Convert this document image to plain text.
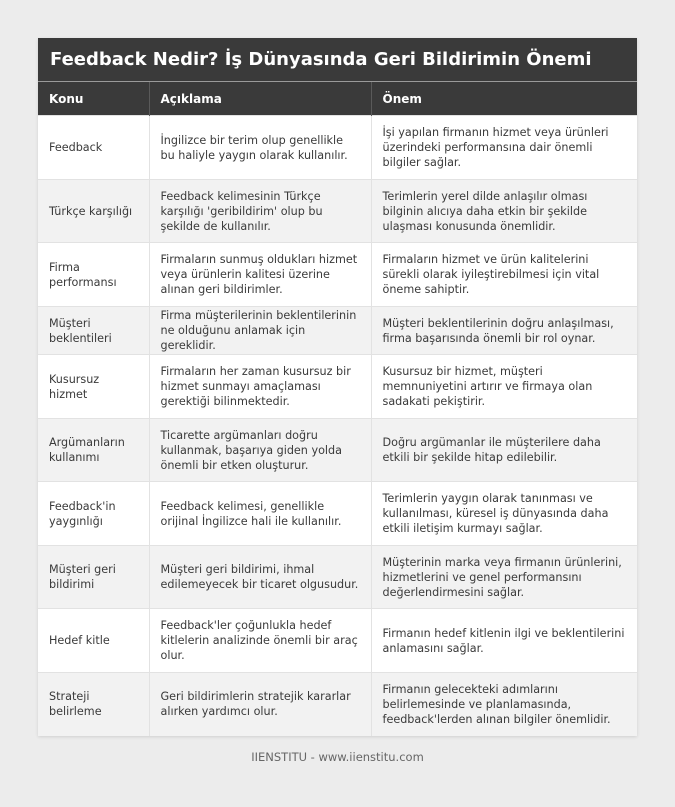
Feedback Nedir? İş Dünyasında Geri Bildirimin Önemi
Konu	Açıklama	Önem
Feedback	İngilizce bir terim olup genellikle bu haliyle yaygın olarak kullanılır.	İşi yapılan firmanın hizmet veya ürünleri üzerindeki performansına dair önemli bilgiler sağlar.
Türkçe karşılığı	Feedback kelimesinin Türkçe karşılığı 'geribildirim' olup bu şekilde de kullanılır.	Terimlerin yerel dilde anlaşılır olması bilginin alıcıya daha etkin bir şekilde ulaşması konusunda önemlidir.
Firma performansı	Firmaların sunmuş oldukları hizmet veya ürünlerin kalitesi üzerine alınan geri bildirimler.	Firmaların hizmet ve ürün kalitelerini sürekli olarak iyileştirebilmesi için vital öneme sahiptir.
Müşteri beklentileri	Firma müşterilerinin beklentilerinin ne olduğunu anlamak için gereklidir.	Müşteri beklentilerinin doğru anlaşılması, firma başarısında önemli bir rol oynar.
Kusursuz hizmet	Firmaların her zaman kusursuz bir hizmet sunmayı amaçlaması gerektiği bilinmektedir.	Kusursuz bir hizmet, müşteri memnuniyetini artırır ve firmaya olan sadakati pekiştirir.
Argümanların kullanımı	Ticarette argümanları doğru kullanmak, başarıya giden yolda önemli bir etken oluşturur.	Doğru argümanlar ile müşterilere daha etkili bir şekilde hitap edilebilir.
Feedback'in yaygınlığı	Feedback kelimesi, genellikle orijinal İngilizce hali ile kullanılır.	Terimlerin yaygın olarak tanınması ve kullanılması, küresel iş dünyasında daha etkili iletişim kurmayı sağlar.
Müşteri geri bildirimi	Müşteri geri bildirimi, ihmal edilemeyecek bir ticaret olgusudur.	Müşterinin marka veya firmanın ürünlerini, hizmetlerini ve genel performansını değerlendirmesini sağlar.
Hedef kitle	Feedback'ler çoğunlukla hedef kitlelerin analizinde önemli bir araç olur.	Firmanın hedef kitlenin ilgi ve beklentilerini anlamasını sağlar.
Strateji belirleme	Geri bildirimlerin stratejik kararlar alırken yardımcı olur.	Firmanın gelecekteki adımlarını belirlemesinde ve planlamasında, feedback'lerden alınan bilgiler önemlidir.
IIENSTITU - www.iienstitu.com
